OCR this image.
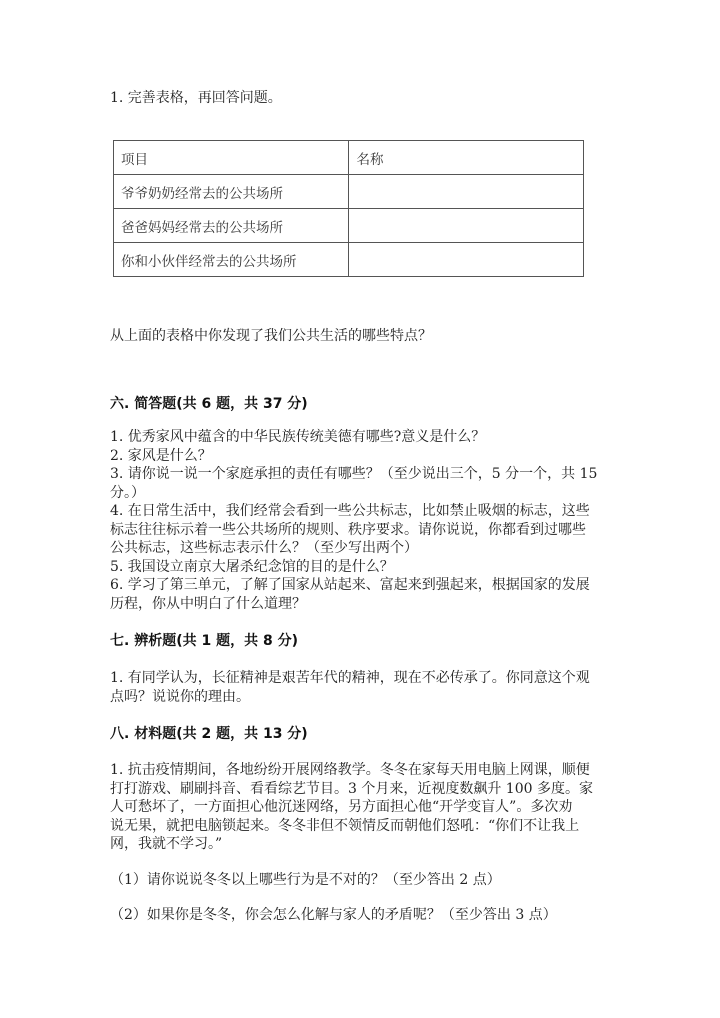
1. 完善表格，再回答问题。
项目	名称
爷爷奶奶经常去的公共场所	
爸爸妈妈经常去的公共场所	
你和小伙伴经常去的公共场所	
从上面的表格中你发现了我们公共生活的哪些特点？
六. 简答题(共 6 题，共 37 分)

1. 优秀家风中蕴含的中华民族传统美德有哪些?意义是什么？

2. 家风是什么？

3. 请你说一说一个家庭承担的责任有哪些？（至少说出三个，5 分一个，共 15

分。）

4. 在日常生活中，我们经常会看到一些公共标志，比如禁止吸烟的标志，这些

标志往往标示着一些公共场所的规则、秩序要求。请你说说，你都看到过哪些

公共标志，这些标志表示什么？（至少写出两个）

5. 我国设立南京大屠杀纪念馆的目的是什么？

6. 学习了第三单元，了解了国家从站起来、富起来到强起来，根据国家的发展

历程，你从中明白了什么道理？

七. 辨析题(共 1 题，共 8 分)

1. 有同学认为，长征精神是艰苦年代的精神，现在不必传承了。你同意这个观

点吗？说说你的理由。

八. 材料题(共 2 题，共 13 分)

1. 抗击疫情期间，各地纷纷开展网络教学。冬冬在家每天用电脑上网课，顺便

打打游戏、刷刷抖音、看看综艺节目。3 个月来，近视度数飙升 100 多度。家

人可愁坏了，一方面担心他沉迷网络，另方面担心他“开学变盲人”。多次劝

说无果，就把电脑锁起来。冬冬非但不领情反而朝他们怒吼：“你们不让我上

网，我就不学习。”

（1）请你说说冬冬以上哪些行为是不对的？（至少答出 2 点）
（2）如果你是冬冬，你会怎么化解与家人的矛盾呢？（至少答出 3 点）
